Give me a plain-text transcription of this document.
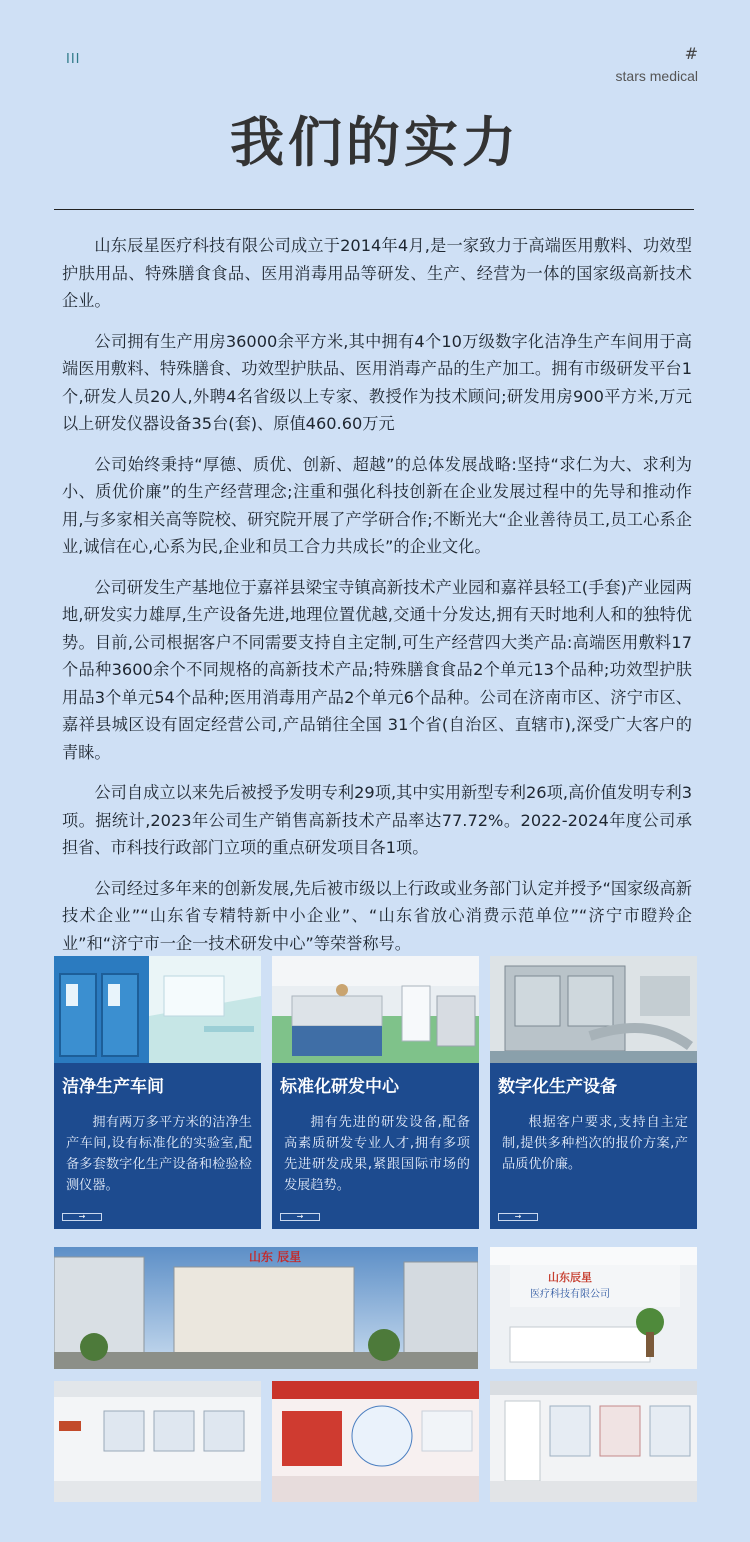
ΙΙΙ	#
stars medical
我们的实力

山东辰星医疗科技有限公司成立于2014年4月,是一家致力于高端医用敷料、功效型护肤用品、特殊膳食食品、医用消毒用品等研发、生产、经营为一体的国家级高新技术企业。

公司拥有生产用房36000余平方米,其中拥有4个10万级数字化洁净生产车间用于高端医用敷料、特殊膳食、功效型护肤品、医用消毒产品的生产加工。拥有市级研发平台1个,研发人员20人,外聘4名省级以上专家、教授作为技术顾问;研发用房900平方米,万元以上研发仪器设备35台(套)、原值460.60万元

公司始终秉持“厚德、质优、创新、超越”的总体发展战略:坚持“求仁为大、求利为小、质优价廉”的生产经营理念;注重和强化科技创新在企业发展过程中的先导和推动作用,与多家相关高等院校、研究院开展了产学研合作;不断光大“企业善待员工,员工心系企业,诚信在心,心系为民,企业和员工合力共成长”的企业文化。

公司研发生产基地位于嘉祥县梁宝寺镇高新技术产业园和嘉祥县轻工(手套)产业园两地,研发实力雄厚,生产设备先进,地理位置优越,交通十分发达,拥有天时地利人和的独特优势。目前,公司根据客户不同需要支持自主定制,可生产经营四大类产品:高端医用敷料17个品种3600余个不同规格的高新技术产品;特殊膳食食品2个单元13个品种;功效型护肤用品3个单元54个品种;医用消毒用产品2个单元6个品种。公司在济南市区、济宁市区、嘉祥县城区设有固定经营公司,产品销往全国 31个省(自治区、直辖市),深受广大客户的青睐。

公司自成立以来先后被授予发明专利29项,其中实用新型专利26项,高价值发明专利3项。据统计,2023年公司生产销售高新技术产品率达77.72%。2022-2024年度公司承担省、市科技行政部门立项的重点研发项目各1项。

公司经过多年来的创新发展,先后被市级以上行政或业务部门认定并授予“国家级高新技术企业”“山东省专精特新中小企业”、“山东省放心消费示范单位”“济宁市瞪羚企业”和“济宁市一企一技术研发中心”等荣誉称号。

洁净生产车间
拥有两万多平方米的洁净生产车间,设有标准化的实验室,配备多套数字化生产设备和检验检测仪器。
→
标准化研发中心
拥有先进的研发设备,配备高素质研发专业人才,拥有多项先进研发成果,紧跟国际市场的发展趋势。
→
数字化生产设备
根据客户要求,支持自主定制,提供多种档次的报价方案,产品质优价廉。
→
山东 辰星
山东辰星
医疗科技有限公司
